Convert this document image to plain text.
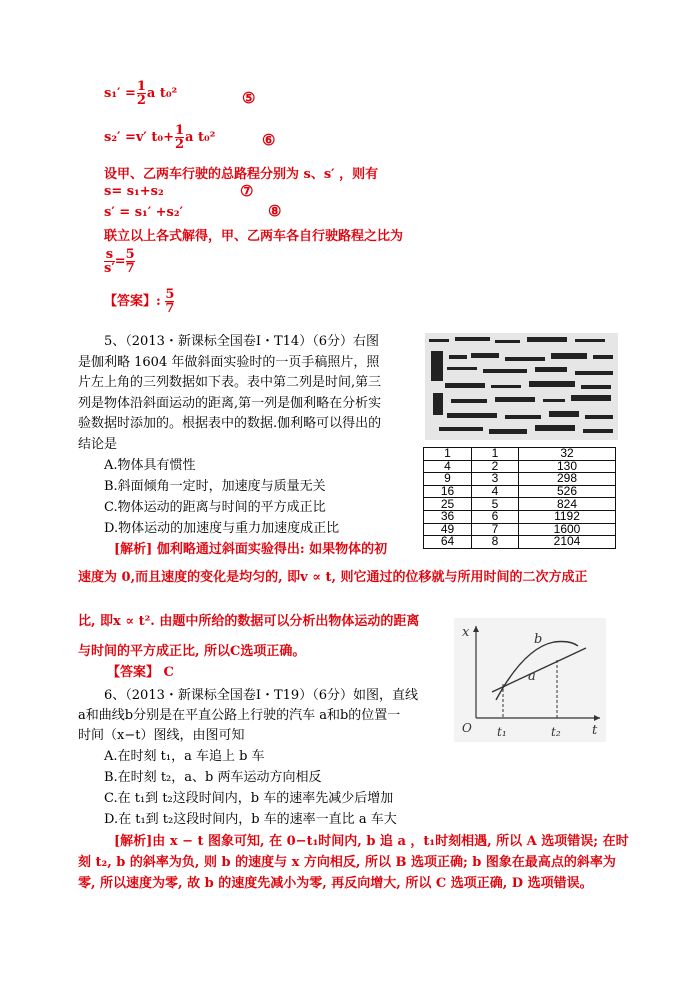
$s_1' = \frac{1}{2}$ a t₀²	⑤
s₂′ =v′ $t_0+ \frac{1}{2}$ a t₀²	⑥
设甲、乙两车行驶的总路程分别为 s、s′ ，则有
s= s₁+s₂	⑦
s′ = s₁′ +s₂′	⑧
联立以上各式解得，甲、乙两车各自行驶路程之比为
$\frac{s}{s'} = \frac{5}{7}$
【答案】: $\frac{5}{7}$
5、（2013・新课标全国卷Ⅰ・T14）（6分）右图
是伽利略 1604 年做斜面实验时的一页手稿照片，照
片左上角的三列数据如下表。表中第二列是时间,第三
列是物体沿斜面运动的距离,第一列是伽利略在分析实
验数据时添加的。根据表中的数据.伽利略可以得出的
结论是
A.物体具有惯性
B.斜面倾角一定时，加速度与质量无关
C.物体运动的距离与时间的平方成正比
D.物体运动的加速度与重力加速度成正比
[解析] 伽利略通过斜面实验得出: 如果物体的初
速度为 0,而且速度的变化是均匀的, 即v ∝ t, 则它通过的位移就与所用时间的二次方成正
比, 即x ∝ t². 由题中所给的数据可以分析出物体运动的距离
与时间的平方成正比, 所以C选项正确。
【答案】 C
1	1	32
4	2	130
9	3	298
16	4	526
25	5	824
36	6	1192
49	7	1600
64	8	2104
6、（2013・新课标全国卷Ⅰ・T19）（6分）如图，直线
a和曲线b分别是在平直公路上行驶的汽车 a和b的位置一
时间（x−t）图线，由图可知
A.在时刻 t₁，a 车追上 b 车
B.在时刻 t₂，a、b 两车运动方向相反
C.在 t₁到 t₂这段时间内，b 车的速率先减少后增加
D.在 t₁到 t₂这段时间内，b 车的速率一直比 a 车大
[解析]由 x − t 图象可知, 在 0−t₁时间内, b 追 a ，t₁时刻相遇, 所以 A 选项错误; 在时
刻 t₂, b 的斜率为负, 则 b 的速度与 x 方向相反, 所以 B 选项正确; b 图象在最高点的斜率为
零, 所以速度为零, 故 b 的速度先减小为零, 再反向增大, 所以 C 选项正确, D 选项错误。
x
t
O t₁	t₂
a
b
